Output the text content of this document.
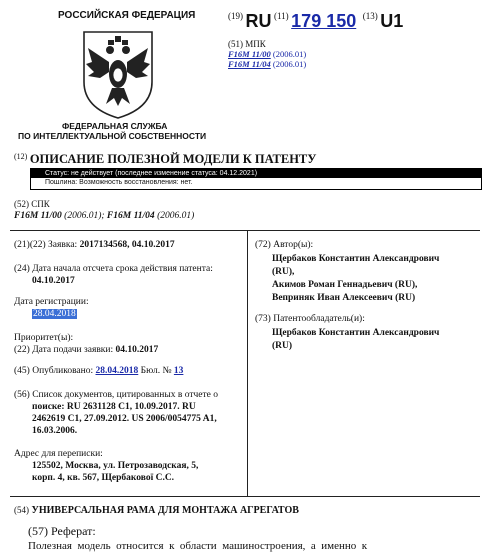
РОССИЙСКАЯ ФЕДЕРАЦИЯ
ФЕДЕРАЛЬНАЯ СЛУЖБА
ПО ИНТЕЛЛЕКТУАЛЬНОЙ СОБСТВЕННОСТИ
(19) RU (11) 179 150 (13) U1
(51) МПК
F16M 11/00 (2006.01)
F16M 11/04 (2006.01)
$^{(12)}$ ОПИСАНИЕ ПОЛЕЗНОЙ МОДЕЛИ К ПАТЕНТУ
Статус: не действует (последнее изменение статуса: 04.12.2021)
Пошлина: Возможность восстановления: нет.
(52) СПК
F16M 11/00 (2006.01); F16M 11/04 (2006.01)
(21)(22) Заявка: 2017134568, 04.10.2017
(24) Дата начала отсчета срока действия патента:
04.10.2017
Дата регистрации:
28.04.2018
Приоритет(ы):
(22) Дата подачи заявки: 04.10.2017
(45) Опубликовано: 28.04.2018 Бюл. № 13
(56) Список документов, цитированных в отчете о
поиске: RU 2631128 C1, 10.09.2017. RU
2462619 C1, 27.09.2012. US 2006/0054775 A1,
16.03.2006.
Адрес для переписки:
125502, Москва, ул. Петрозаводская, 5,
корп. 4, кв. 567, Щербакової С.С.
(72) Автор(ы):
Щербаков Константин Александрович
(RU),
Акимов Роман Геннадьевич (RU),
Веприняк Иван Алексеевич (RU)
(73) Патентообладатель(и):
Щербаков Константин Александрович
(RU)
(54) УНИВЕРСАЛЬНАЯ РАМА ДЛЯ МОНТАЖА АГРЕГАТОВ
(57) Реферат:
Полезная  модель  относится  к  области  машиностроения,  а  именно  к
